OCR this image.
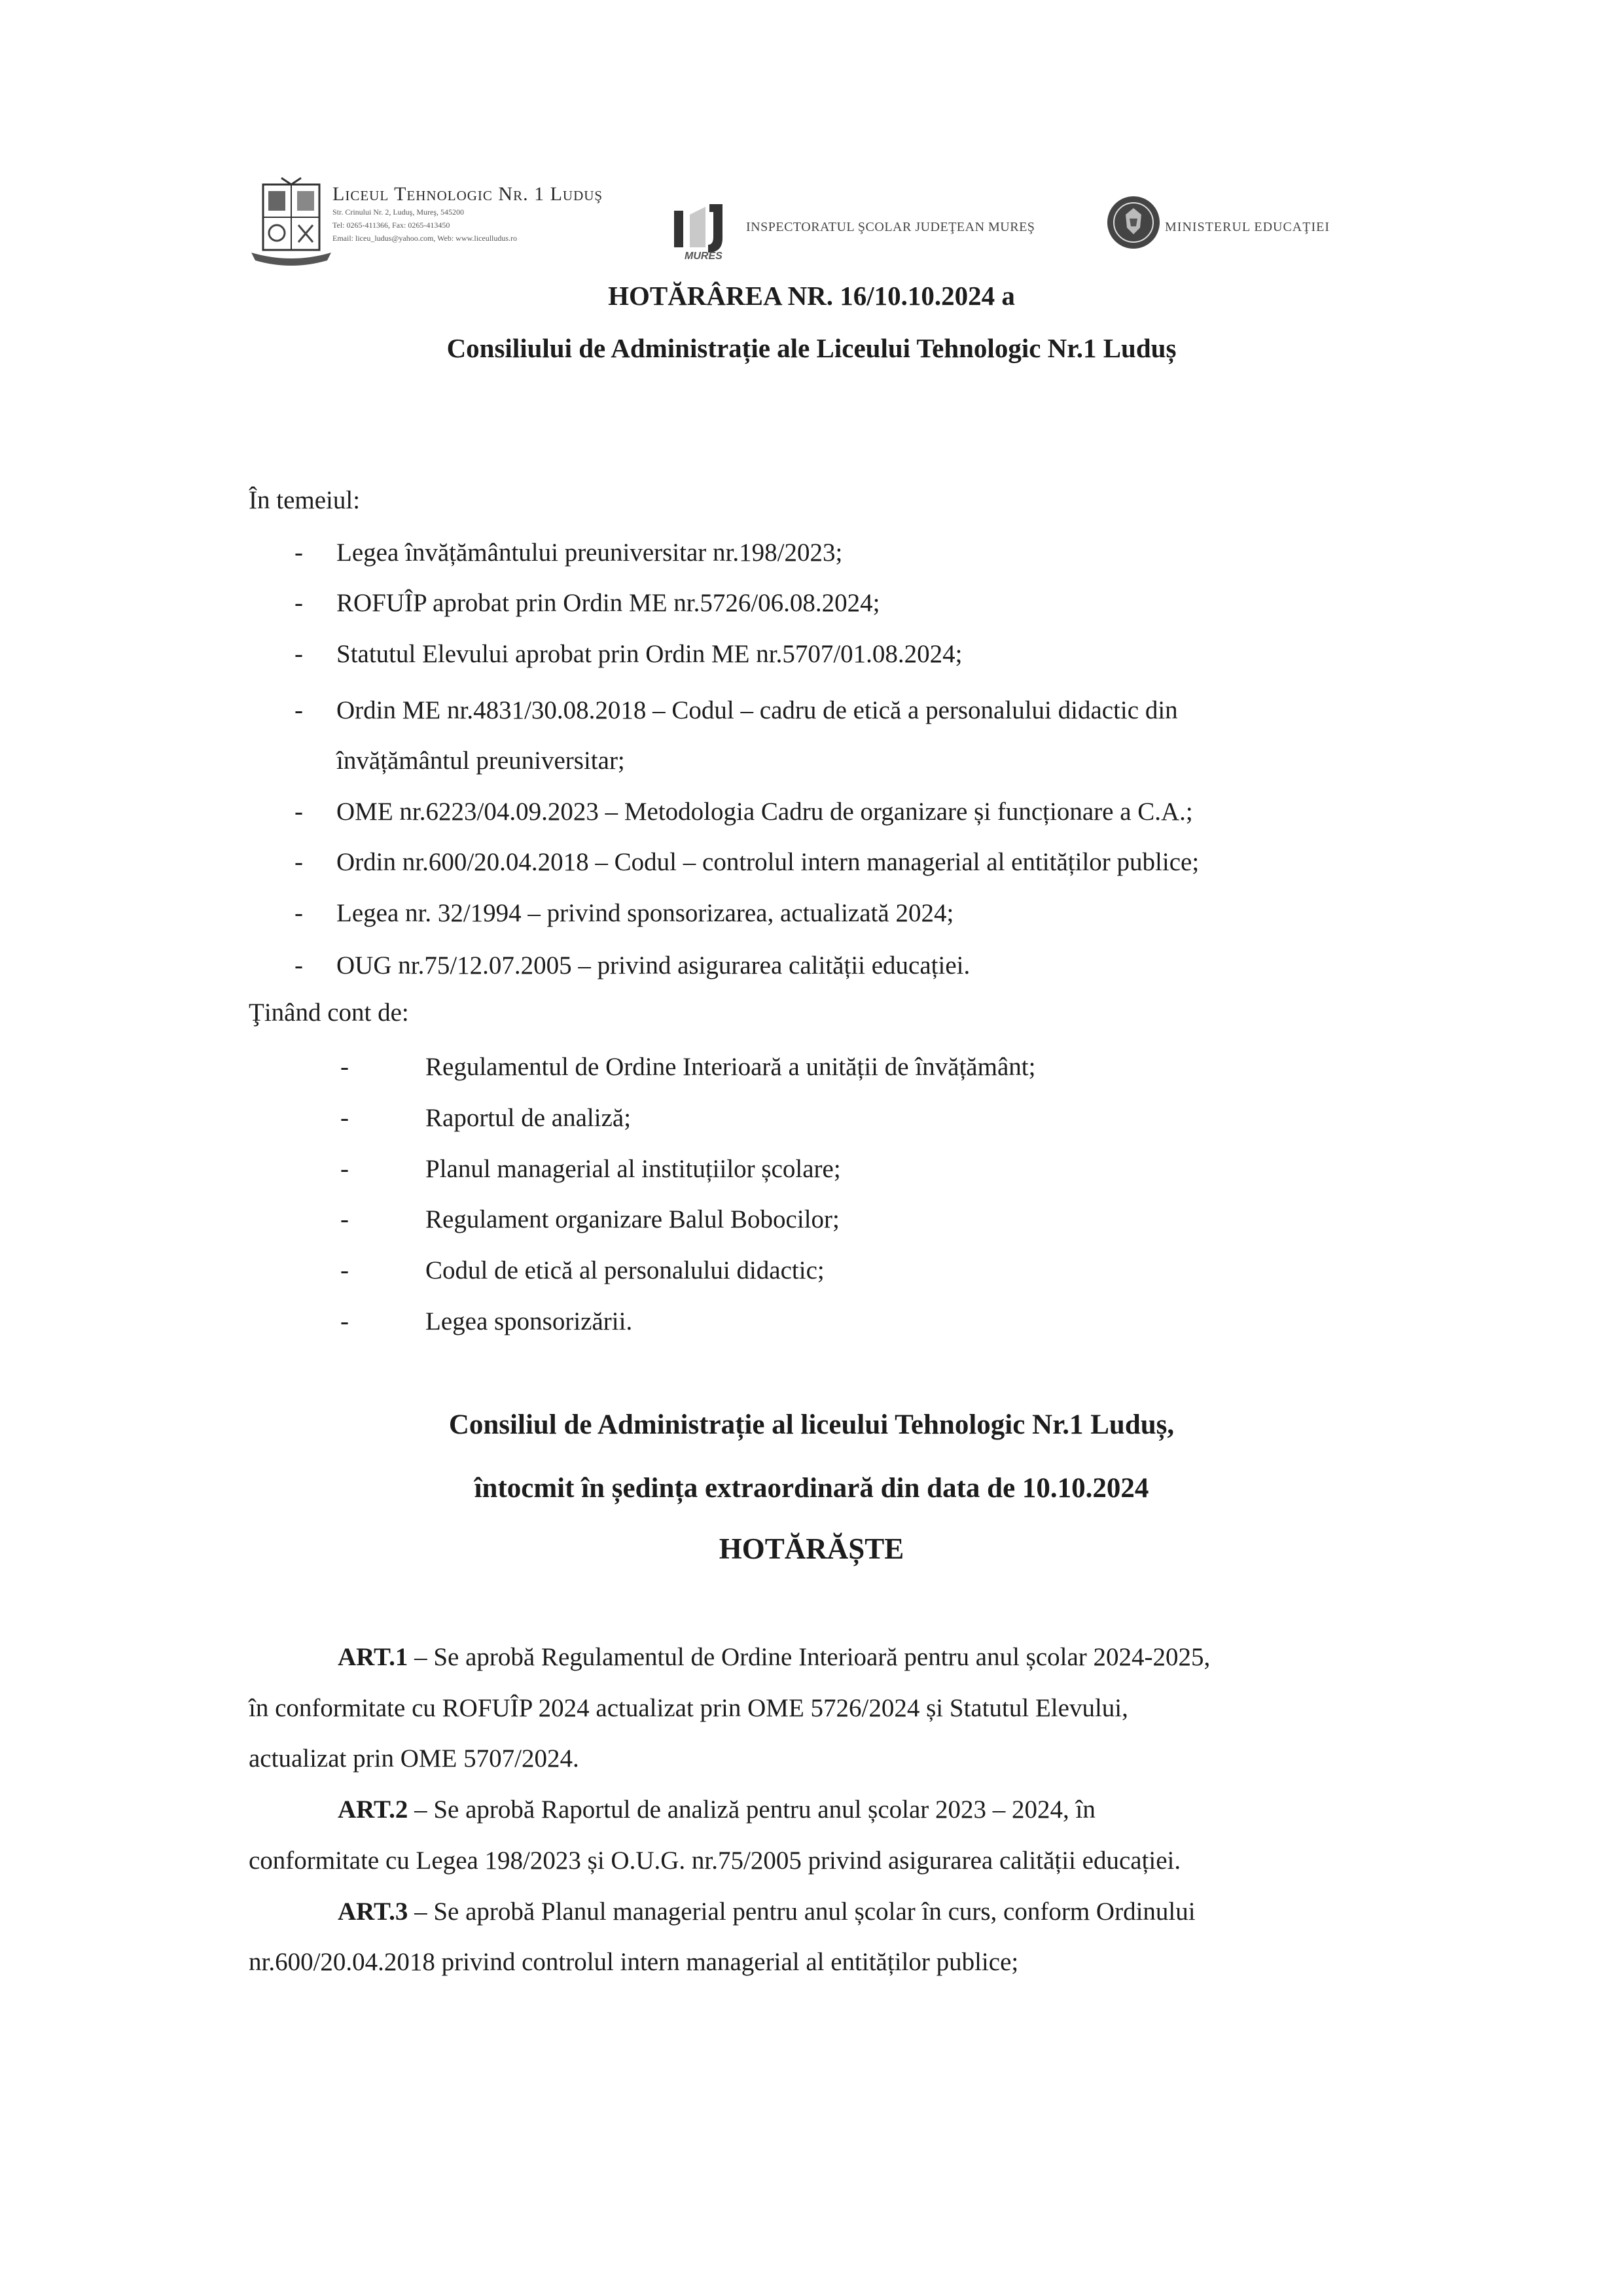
Liceul Tehnologic Nr. 1 Luduş
Str. Crinului Nr. 2, Luduş, Mureş, 545200
Tel: 0265-411366, Fax: 0265-413450
Email: liceu_ludus@yahoo.com, Web: www.liceulludus.ro
MURES
INSPECTORATUL ŞCOLAR JUDEŢEAN MUREŞ	MINISTERUL EDUCAŢIEI
HOTĂRÂREA NR. 16/10.10.2024 a
Consiliului de Administrație ale Liceului Tehnologic Nr.1 Luduș
În temeiul:
- Legea învățământului preuniversitar nr.198/2023;
- ROFUÎP aprobat prin Ordin ME nr.5726/06.08.2024;
- Statutul Elevului aprobat prin Ordin ME nr.5707/01.08.2024;
- Ordin ME nr.4831/30.08.2018 – Codul – cadru de etică a personalului didactic din
învățământul preuniversitar;
- OME nr.6223/04.09.2023 – Metodologia Cadru de organizare și funcționare a C.A.;
- Ordin nr.600/20.04.2018 – Codul – controlul intern managerial al entităților publice;
- Legea nr. 32/1994 – privind sponsorizarea, actualizată 2024;
- OUG nr.75/12.07.2005 – privind asigurarea calității educației.
Ţinând cont de:
-	Regulamentul de Ordine Interioară a unității de învățământ;
-	Raportul de analiză;
-	Planul managerial al instituțiilor școlare;
-	Regulament organizare Balul Bobocilor;
-	Codul de etică al personalului didactic;
-	Legea sponsorizării.
Consiliul de Administrație al liceului Tehnologic Nr.1 Luduș,
întocmit în ședința extraordinară din data de 10.10.2024
HOTĂRĂȘTE
ART.1 – Se aprobă Regulamentul de Ordine Interioară pentru anul școlar 2024-2025,
în conformitate cu ROFUÎP 2024 actualizat prin OME 5726/2024 și Statutul Elevului,
actualizat prin OME 5707/2024.
ART.2 – Se aprobă Raportul de analiză pentru anul școlar 2023 – 2024, în
conformitate cu Legea 198/2023 și O.U.G. nr.75/2005 privind asigurarea calității educației.
ART.3 – Se aprobă Planul managerial pentru anul școlar în curs, conform Ordinului
nr.600/20.04.2018 privind controlul intern managerial al entităților publice;
